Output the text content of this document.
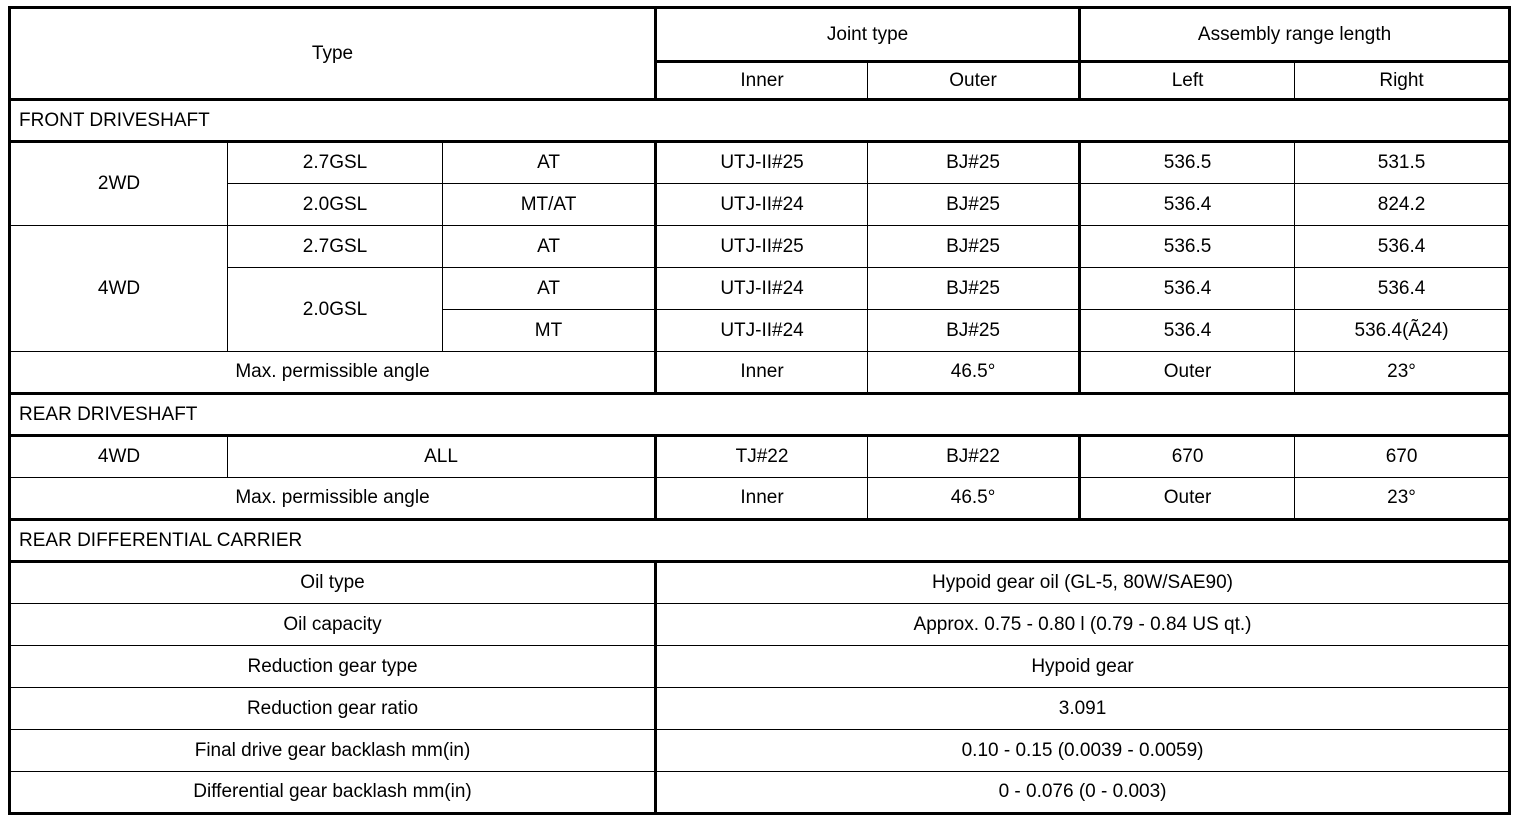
Type			Joint type		Assembly range length	
			Inner	Outer	Left	Right
FRONT DRIVESHAFT						
2WD	2.7GSL	AT	UTJ-II#25	BJ#25	536.5	531.5
	2.0GSL	MT/AT	UTJ-II#24	BJ#25	536.4	824.2
4WD	2.7GSL	AT	UTJ-II#25	BJ#25	536.5	536.4
	2.0GSL	AT	UTJ-II#24	BJ#25	536.4	536.4
		MT	UTJ-II#24	BJ#25	536.4	536.4(Ã24)
Max. permissible angle			Inner	46.5°	Outer	23°
REAR DRIVESHAFT						
4WD	ALL		TJ#22	BJ#22	670	670
Max. permissible angle			Inner	46.5°	Outer	23°
REAR DIFFERENTIAL CARRIER						
Oil type			Hypoid gear oil (GL-5, 80W/SAE90)			
Oil capacity			Approx. 0.75 - 0.80 l (0.79 - 0.84 US qt.)			
Reduction gear type			Hypoid gear			
Reduction gear ratio			3.091			
Final drive gear backlash mm(in)			0.10 - 0.15 (0.0039 - 0.0059)			
Differential gear backlash mm(in)			0 - 0.076 (0 - 0.003)			
